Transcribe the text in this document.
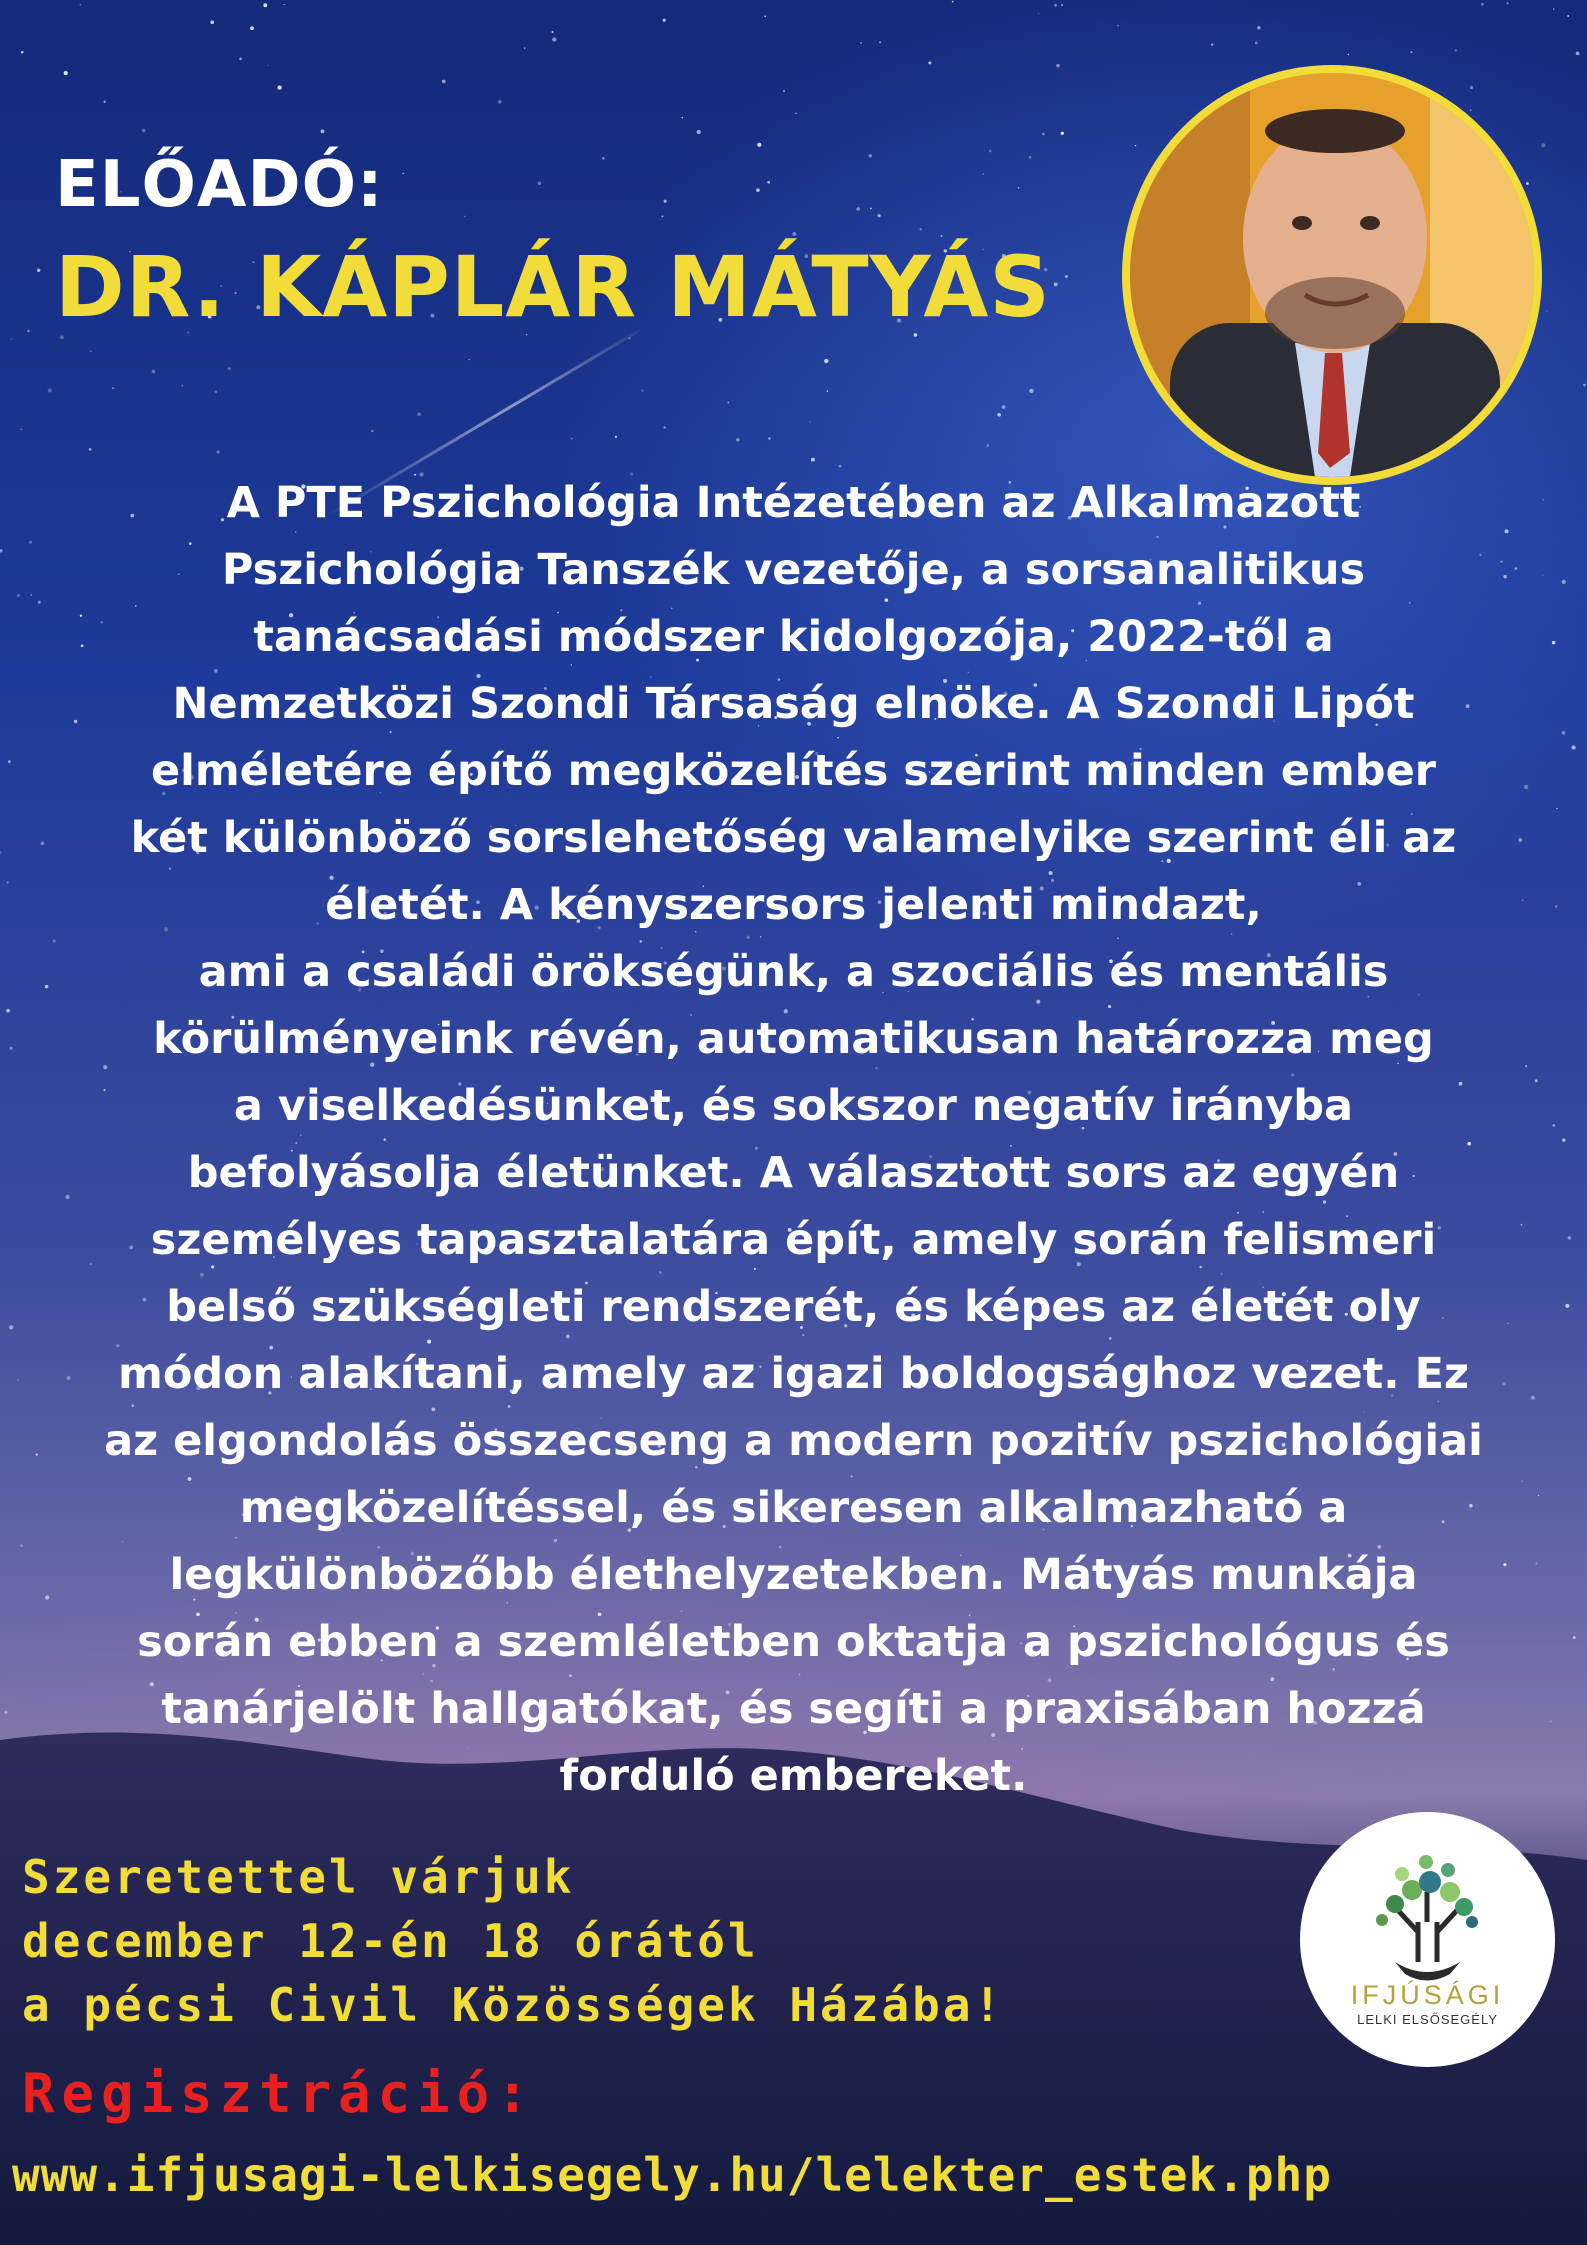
ELŐADÓ:
DR. KÁPLÁR MÁTYÁS
A PTE Pszichológia Intézetében az Alkalmazott
Pszichológia Tanszék vezetője, a sorsanalitikus
tanácsadási módszer kidolgozója, 2022-től a
Nemzetközi Szondi Társaság elnöke. A Szondi Lipót
elméletére építő megközelítés szerint minden ember
két különböző sorslehetőség valamelyike szerint éli az
életét. A kényszersors jelenti mindazt,
ami a családi örökségünk, a szociális és mentális
körülményeink révén, automatikusan határozza meg
a viselkedésünket, és sokszor negatív irányba
befolyásolja életünket. A választott sors az egyén
személyes tapasztalatára épít, amely során felismeri
belső szükségleti rendszerét, és képes az életét oly
módon alakítani, amely az igazi boldogsághoz vezet. Ez
az elgondolás összecseng a modern pozitív pszichológiai
megközelítéssel, és sikeresen alkalmazható a
legkülönbözőbb élethelyzetekben. Mátyás munkája
során ebben a szemléletben oktatja a pszichológus és
tanárjelölt hallgatókat, és segíti a praxisában hozzá
forduló embereket.
Szeretettel várjuk
december 12-én 18 órától
a pécsi Civil Közösségek Házába!	IFJÚSÁGI
LELKI ELSŐSEGÉLY
Regisztráció:
www.ifjusagi-lelkisegely.hu/lelekter_estek.php
